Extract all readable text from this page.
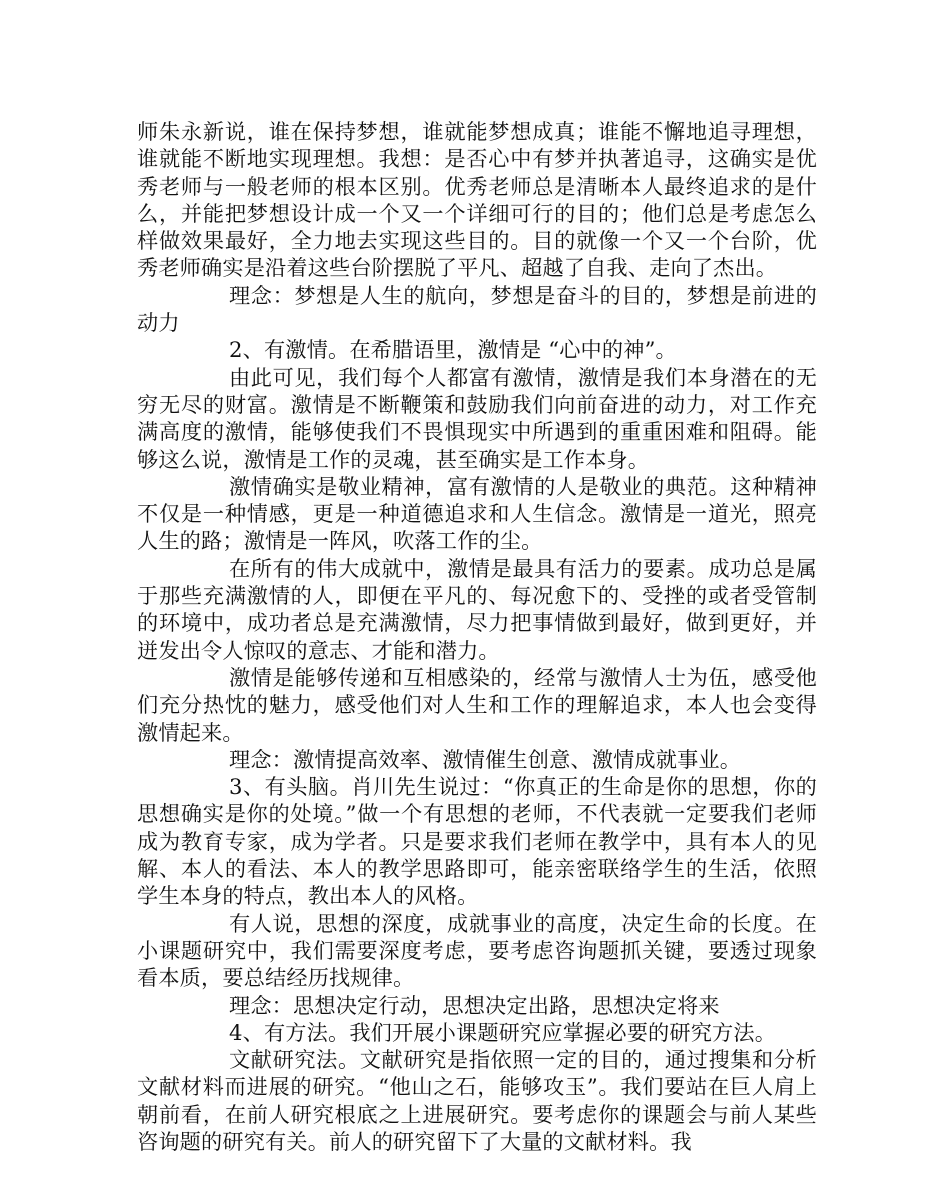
师朱永新说，谁在保持梦想，谁就能梦想成真；谁能不懈地追寻理想，谁就能不断地实现理想。我想：是否心中有梦并执著追寻，这确实是优秀老师与一般老师的根本区别。优秀老师总是清晰本人最终追求的是什么，并能把梦想设计成一个又一个详细可行的目的；他们总是考虑怎么样做效果最好，全力地去实现这些目的。目的就像一个又一个台阶，优秀老师确实是沿着这些台阶摆脱了平凡、超越了自我、走向了杰出。

理念：梦想是人生的航向，梦想是奋斗的目的，梦想是前进的动力

2、有激情。在希腊语里，激情是 “心中的神”。

由此可见，我们每个人都富有激情，激情是我们本身潜在的无穷无尽的财富。激情是不断鞭策和鼓励我们向前奋进的动力，对工作充满高度的激情，能够使我们不畏惧现实中所遇到的重重困难和阻碍。能够这么说，激情是工作的灵魂，甚至确实是工作本身。

激情确实是敬业精神，富有激情的人是敬业的典范。这种精神不仅是一种情感，更是一种道德追求和人生信念。激情是一道光，照亮人生的路；激情是一阵风，吹落工作的尘。

在所有的伟大成就中，激情是最具有活力的要素。成功总是属于那些充满激情的人，即便在平凡的、每况愈下的、受挫的或者受管制的环境中，成功者总是充满激情，尽力把事情做到最好，做到更好，并迸发出令人惊叹的意志、才能和潜力。

激情是能够传递和互相感染的，经常与激情人士为伍，感受他们充分热忱的魅力，感受他们对人生和工作的理解追求，本人也会变得激情起来。

理念：激情提高效率、激情催生创意、激情成就事业。

3、有头脑。肖川先生说过：“你真正的生命是你的思想，你的思想确实是你的处境。”做一个有思想的老师，不代表就一定要我们老师成为教育专家，成为学者。只是要求我们老师在教学中，具有本人的见解、本人的看法、本人的教学思路即可，能亲密联络学生的生活，依照学生本身的特点，教出本人的风格。

有人说，思想的深度，成就事业的高度，决定生命的长度。在小课题研究中，我们需要深度考虑，要考虑咨询题抓关键，要透过现象看本质，要总结经历找规律。

理念：思想决定行动，思想决定出路，思想决定将来

4、有方法。我们开展小课题研究应掌握必要的研究方法。

文献研究法。文献研究是指依照一定的目的，通过搜集和分析文献材料而进展的研究。“他山之石，能够攻玉”。我们要站在巨人肩上朝前看，在前人研究根底之上进展研究。要考虑你的课题会与前人某些咨询题的研究有关。前人的研究留下了大量的文献材料。我
